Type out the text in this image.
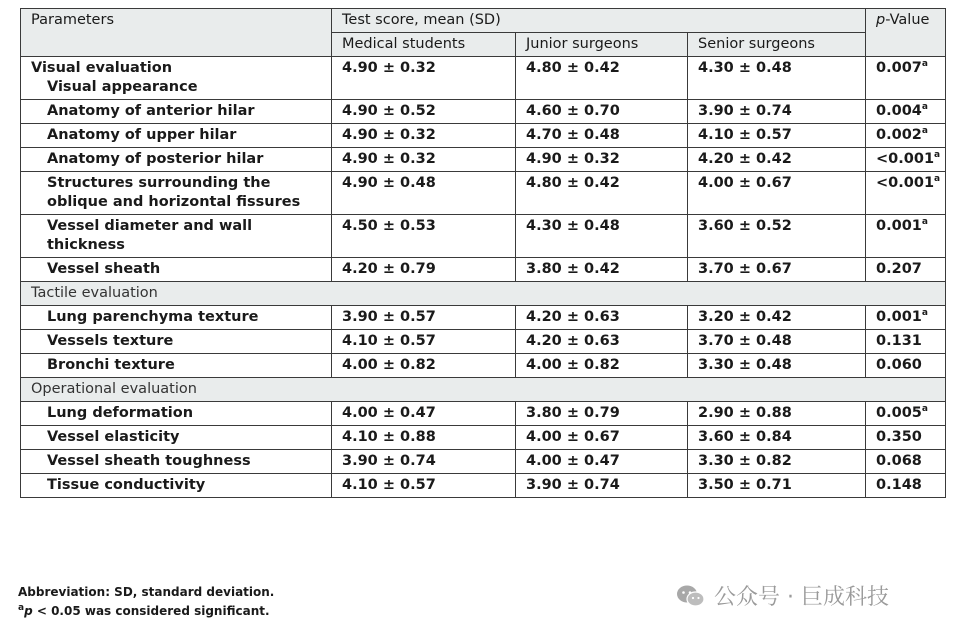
Parameters	Test score, mean (SD)			p-Value
	Medical students	Junior surgeons	Senior surgeons	

Visual evaluation
Visual appearance	4.90 ± 0.32	4.80 ± 0.42	4.30 ± 0.48	0.007$^a$
Anatomy of anterior hilar	4.90 ± 0.52	4.60 ± 0.70	3.90 ± 0.74	0.004$^a$
Anatomy of upper hilar	4.90 ± 0.32	4.70 ± 0.48	4.10 ± 0.57	0.002$^a$
Anatomy of posterior hilar	4.90 ± 0.32	4.90 ± 0.32	4.20 ± 0.42	<0.001$^a$
Structures surrounding the oblique and horizontal fissures	4.90 ± 0.48	4.80 ± 0.42	4.00 ± 0.67	<0.001$^a$
Vessel diameter and wall thickness	4.50 ± 0.53	4.30 ± 0.48	3.60 ± 0.52	0.001$^a$
Vessel sheath	4.20 ± 0.79	3.80 ± 0.42	3.70 ± 0.67	0.207
Tactile evaluation				
Lung parenchyma texture	3.90 ± 0.57	4.20 ± 0.63	3.20 ± 0.42	0.001$^a$
Vessels texture	4.10 ± 0.57	4.20 ± 0.63	3.70 ± 0.48	0.131
Bronchi texture	4.00 ± 0.82	4.00 ± 0.82	3.30 ± 0.48	0.060
Operational evaluation				
Lung deformation	4.00 ± 0.47	3.80 ± 0.79	2.90 ± 0.88	0.005$^a$
Vessel elasticity	4.10 ± 0.88	4.00 ± 0.67	3.60 ± 0.84	0.350
Vessel sheath toughness	3.90 ± 0.74	4.00 ± 0.47	3.30 ± 0.82	0.068
Tissue conductivity	4.10 ± 0.57	3.90 ± 0.74	3.50 ± 0.71	0.148
Abbreviation: SD, standard deviation.
$^a$p < 0.05 was considered significant.
公众号 · 巨成科技
